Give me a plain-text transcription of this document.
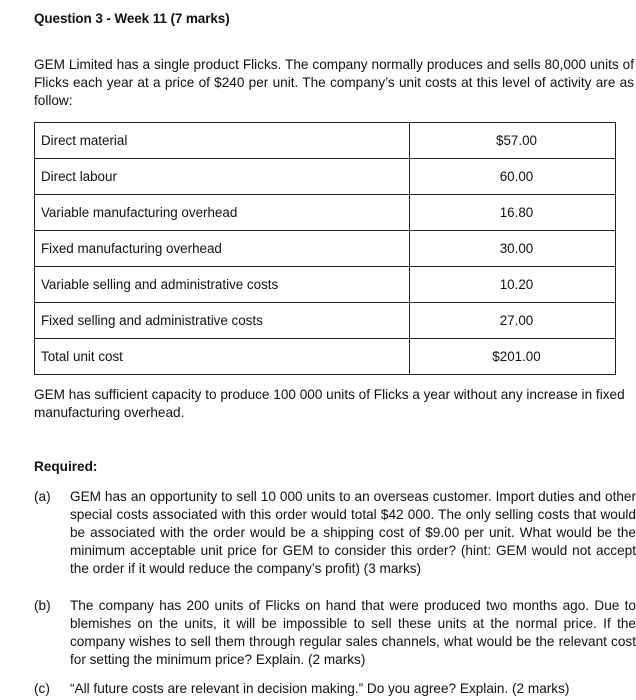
Question 3 - Week 11 (7 marks)
GEM Limited has a single product Flicks. The company normally produces and sells 80,000 units of Flicks each year at a price of $240 per unit. The company’s unit costs at this level of activity are as follow:
Direct material	$57.00
Direct labour	60.00
Variable manufacturing overhead	16.80
Fixed manufacturing overhead	30.00
Variable selling and administrative costs	10.20
Fixed selling and administrative costs	27.00
Total unit cost	$201.00
GEM has sufficient capacity to produce 100 000 units of Flicks a year without any increase in fixed manufacturing overhead.
Required:
(a)	GEM has an opportunity to sell 10 000 units to an overseas customer. Import duties and other special costs associated with this order would total $42 000. The only selling costs that would be associated with the order would be a shipping cost of $9.00 per unit. What would be the minimum acceptable unit price for GEM to consider this order? (hint: GEM would not accept the order if it would reduce the company’s profit) (3 marks)
(b)	The company has 200 units of Flicks on hand that were produced two months ago. Due to blemishes on the units, it will be impossible to sell these units at the normal price. If the company wishes to sell them through regular sales channels, what would be the relevant cost for setting the minimum price? Explain. (2 marks)
(c)	“All future costs are relevant in decision making.” Do you agree? Explain. (2 marks)
